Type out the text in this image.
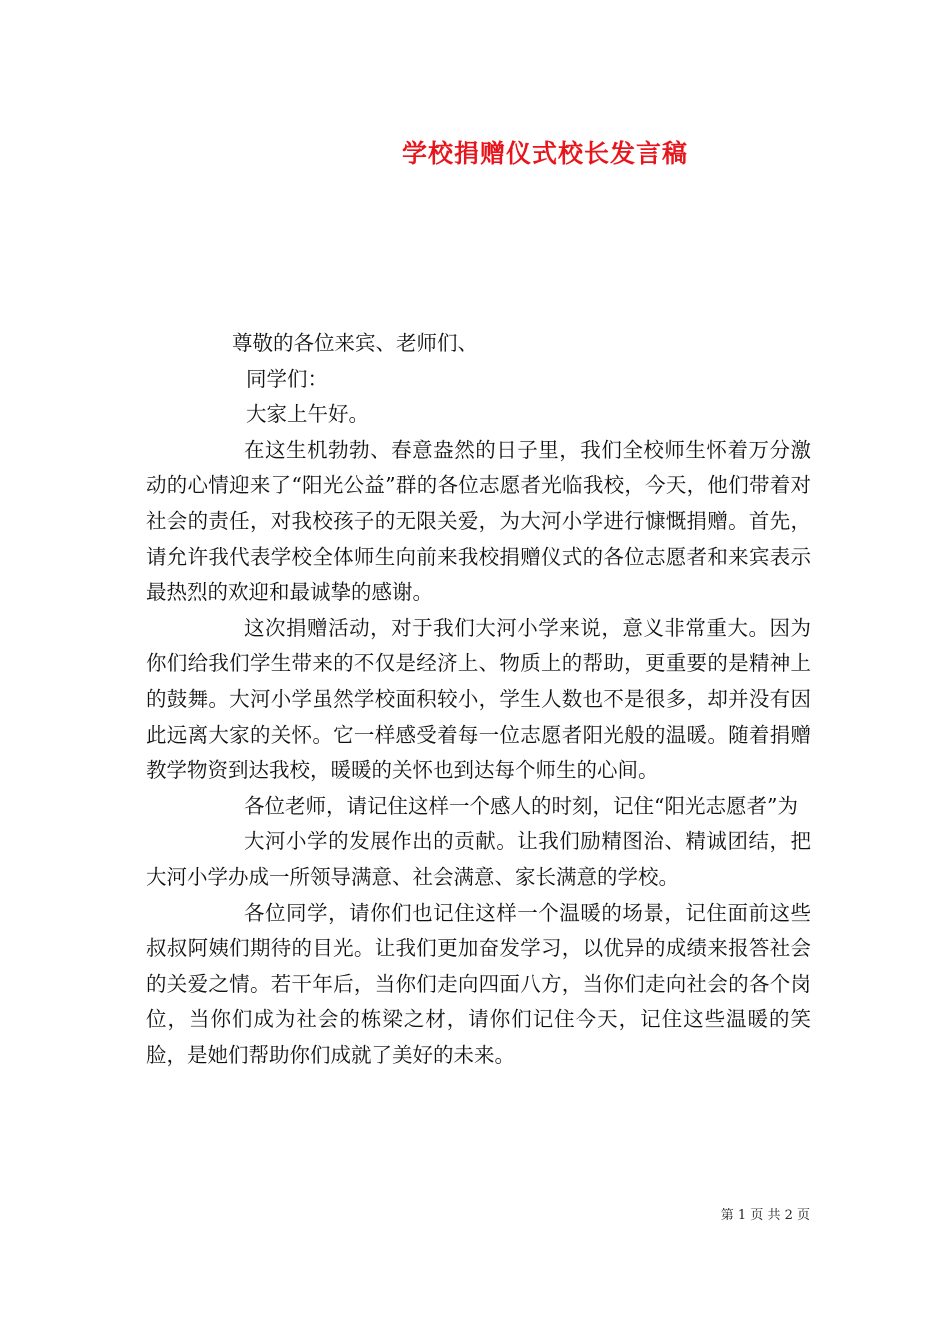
学校捐赠仪式校长发言稿

尊敬的各位来宾、老师们、

同学们：

大家上午好。

在这生机勃勃、春意盎然的日子里，我们全校师生怀着万分激动的心情迎来了“阳光公益”群的各位志愿者光临我校，今天，他们带着对社会的责任，对我校孩子的无限关爱，为大河小学进行慷慨捐赠。首先，请允许我代表学校全体师生向前来我校捐赠仪式的各位志愿者和来宾表示最热烈的欢迎和最诚挚的感谢。

这次捐赠活动，对于我们大河小学来说，意义非常重大。因为你们给我们学生带来的不仅是经济上、物质上的帮助，更重要的是精神上的鼓舞。大河小学虽然学校面积较小，学生人数也不是很多，却并没有因此远离大家的关怀。它一样感受着每一位志愿者阳光般的温暖。随着捐赠教学物资到达我校，暖暖的关怀也到达每个师生的心间。

各位老师，请记住这样一个感人的时刻，记住“阳光志愿者”为

大河小学的发展作出的贡献。让我们励精图治、精诚团结，把大河小学办成一所领导满意、社会满意、家长满意的学校。

各位同学，请你们也记住这样一个温暖的场景，记住面前这些叔叔阿姨们期待的目光。让我们更加奋发学习，以优异的成绩来报答社会的关爱之情。若干年后，当你们走向四面八方，当你们走向社会的各个岗位，当你们成为社会的栋梁之材，请你们记住今天，记住这些温暖的笑脸，是她们帮助你们成就了美好的未来。

第 1 页 共 2 页
